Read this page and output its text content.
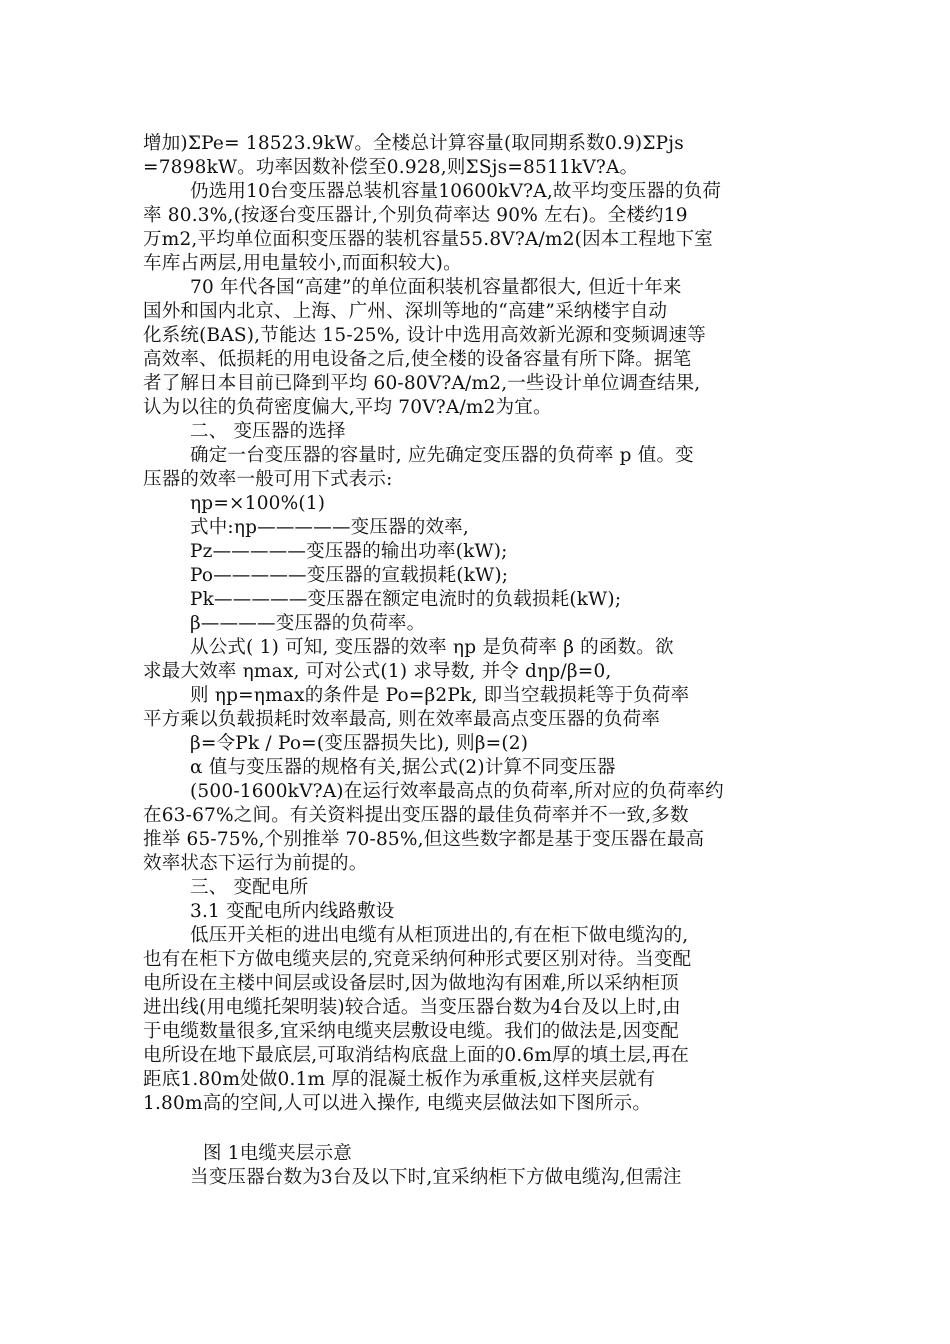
增加)ΣPe= 18523.9kW。全楼总计算容量(取同期系数0.9)ΣPjs
=7898kW。功率因数补偿至0.928,则ΣSjs=8511kV?A。
仍选用10台变压器总装机容量10600kV?A,故平均变压器的负荷
率 80.3%,(按逐台变压器计,个别负荷率达 90% 左右)。全楼约19
万m2,平均单位面积变压器的装机容量55.8V?A/m2(因本工程地下室
车库占两层,用电量较小,而面积较大)。
70 年代各国“高建”的单位面积装机容量都很大, 但近十年来
国外和国内北京、上海、广州、深圳等地的“高建”采纳楼宇自动
化系统(BAS),节能达 15-25%, 设计中选用高效新光源和变频调速等
高效率、低损耗的用电设备之后,使全楼的设备容量有所下降。据笔
者了解日本目前已降到平均 60-80V?A/m2,一些设计单位调查结果,
认为以往的负荷密度偏大,平均 70V?A/m2为宜。
二、 变压器的选择
确定一台变压器的容量时, 应先确定变压器的负荷率 p 值。变
压器的效率一般可用下式表示:
ηp=×100%(1)
式中:ηp—————变压器的效率,
Pz—————变压器的输出功率(kW);
Po—————变压器的宣载损耗(kW);
Pk—————变压器在额定电流时的负载损耗(kW);
β————变压器的负荷率。
从公式( 1) 可知, 变压器的效率 ηp 是负荷率 β 的函数。欲
求最大效率 ηmax, 可对公式(1) 求导数, 并令 dηp/β=0,
则 ηp=ηmax的条件是 Po=β2Pk, 即当空载损耗等于负荷率
平方乘以负载损耗时效率最高, 则在效率最高点变压器的负荷率
β=令Pk / Po=(变压器损失比), 则β=(2)
α 值与变压器的规格有关,据公式(2)计算不同变压器
(500-1600kV?A)在运行效率最高点的负荷率,所对应的负荷率约
在63-67%之间。有关资料提出变压器的最佳负荷率并不一致,多数
推举 65-75%,个别推举 70-85%,但这些数字都是基于变压器在最高
效率状态下运行为前提的。
三、 变配电所
3.1 变配电所内线路敷设
低压开关柜的进出电缆有从柜顶进出的,有在柜下做电缆沟的,
也有在柜下方做电缆夹层的,究竟采纳何种形式要区别对待。当变配
电所设在主楼中间层或设备层时,因为做地沟有困难,所以采纳柜顶
进出线(用电缆托架明装)较合适。当变压器台数为4台及以上时,由
于电缆数量很多,宜采纳电缆夹层敷设电缆。我们的做法是,因变配
电所设在地下最底层,可取消结构底盘上面的0.6m厚的填土层,再在
距底1.80m处做0.1m 厚的混凝土板作为承重板,这样夹层就有
1.80m高的空间,人可以进入操作, 电缆夹层做法如下图所示。
图 1电缆夹层示意
当变压器台数为3台及以下时,宜采纳柜下方做电缆沟,但需注
